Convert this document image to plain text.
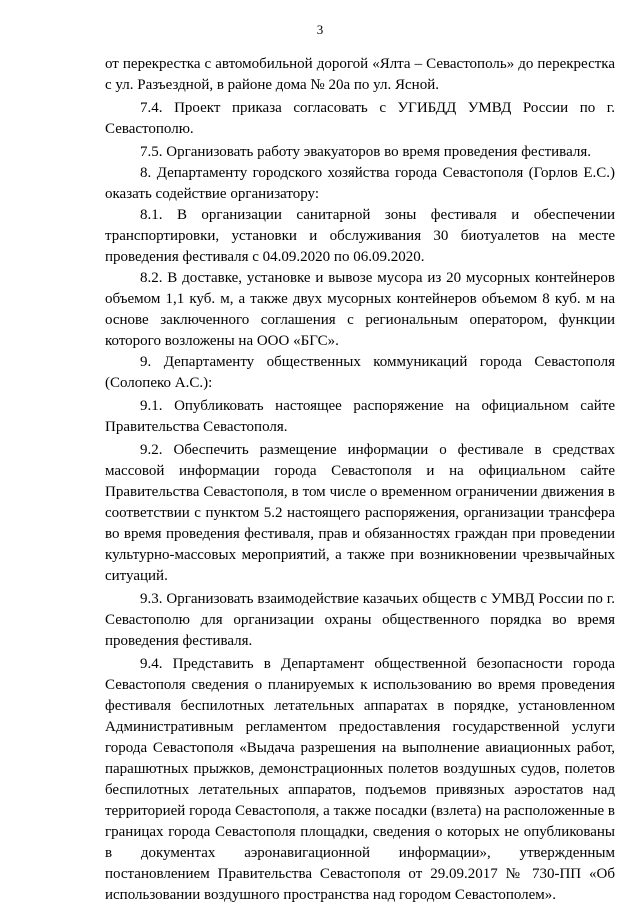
3

от перекрестка с автомобильной дорогой «Ялта – Севастополь» до перекрестка с ул. Разъездной, в районе дома № 20а по ул. Ясной.

7.4. Проект приказа согласовать с УГИБДД УМВД России по г. Севастополю.

7.5. Организовать работу эвакуаторов во время проведения фестиваля.

8. Департаменту городского хозяйства города Севастополя (Горлов Е.С.) оказать содействие организатору:

8.1. В организации санитарной зоны фестиваля и обеспечении транспортировки, установки и обслуживания 30 биотуалетов на месте проведения фестиваля с 04.09.2020 по 06.09.2020.

8.2. В доставке, установке и вывозе мусора из 20 мусорных контейнеров объемом 1,1 куб. м, а также двух мусорных контейнеров объемом 8 куб. м на основе заключенного соглашения с региональным оператором, функции которого возложены на ООО «БГС».

9. Департаменту общественных коммуникаций города Севастополя (Солопеко А.С.):

9.1. Опубликовать настоящее распоряжение на официальном сайте Правительства Севастополя.

9.2. Обеспечить размещение информации о фестивале в средствах массовой информации города Севастополя и на официальном сайте Правительства Севастополя, в том числе о временном ограничении движения в соответствии с пунктом 5.2 настоящего распоряжения, организации трансфера во время проведения фестиваля, прав и обязанностях граждан при проведении культурно-массовых мероприятий, а также при возникновении чрезвычайных ситуаций.

9.3. Организовать взаимодействие казачьих обществ с УМВД России по г. Севастополю для организации охраны общественного порядка во время проведения фестиваля.

9.4. Представить в Департамент общественной безопасности города Севастополя сведения о планируемых к использованию во время проведения фестиваля беспилотных летательных аппаратах в порядке, установленном Административным регламентом предоставления государственной услуги города Севастополя «Выдача разрешения на выполнение авиационных работ, парашютных прыжков, демонстрационных полетов воздушных судов, полетов беспилотных летательных аппаратов, подъемов привязных аэростатов над территорией города Севастополя, а также посадки (взлета) на расположенные в границах города Севастополя площадки, сведения о которых не опубликованы в документах аэронавигационной информации», утвержденным постановлением Правительства Севастополя от 29.09.2017 № 730-ПП «Об использовании воздушного пространства над городом Севастополем».
